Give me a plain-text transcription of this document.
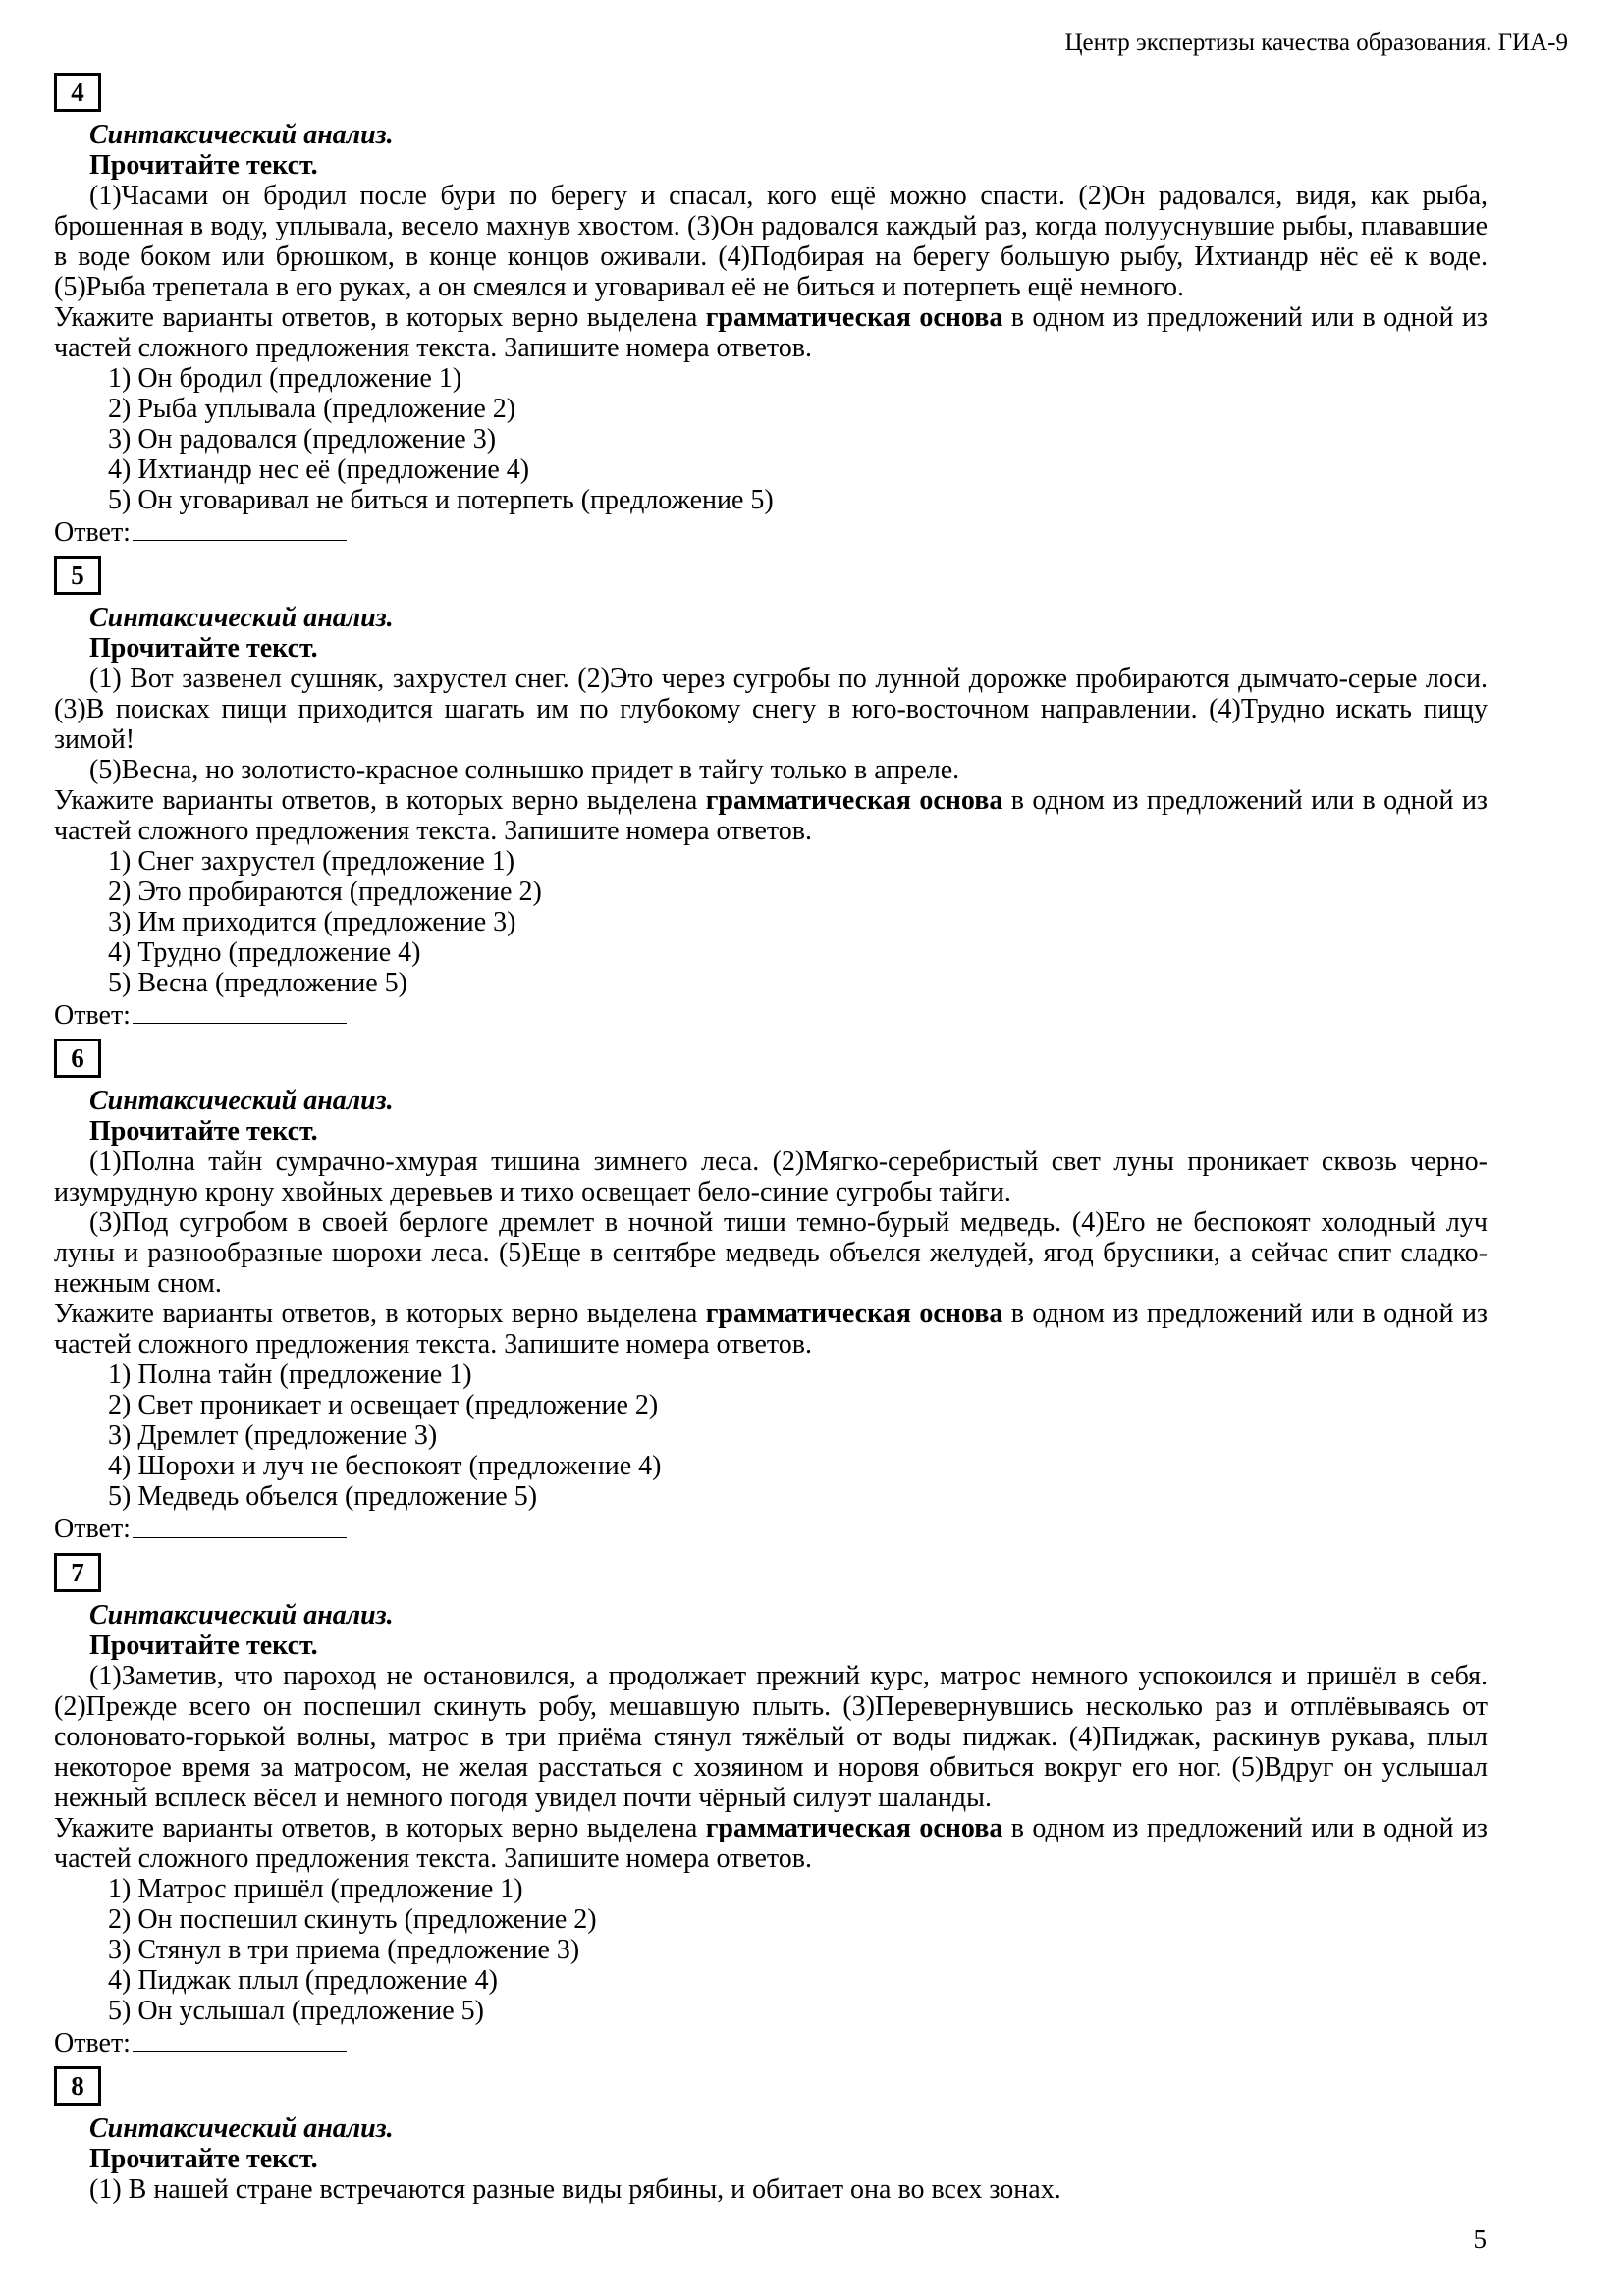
Центр экспертизы качества образования. ГИА-9
4

Синтаксический анализ.

Прочитайте текст.

(1)Часами он бродил после бури по берегу и спасал, кого ещё можно спасти. (2)Он радовался, видя, как рыба, брошенная в воду, уплывала, весело махнув хвостом. (3)Он радовался каждый раз, когда полууснувшие рыбы, плававшие в воде боком или брюшком, в конце концов оживали. (4)Подбирая на берегу большую рыбу, Ихтиандр нёс её к воде. (5)Рыба трепетала в его руках, а он смеялся и уговаривал её не биться и потерпеть ещё немного.

Укажите варианты ответов, в которых верно выделена грамматическая основа в одном из предложений или в одной из частей сложного предложения текста. Запишите номера ответов.

1) Он бродил (предложение 1)

2) Рыба уплывала (предложение 2)

3) Он радовался (предложение 3)

4) Ихтиандр нес её (предложение 4)

5) Он уговаривал не биться и потерпеть (предложение 5)

Ответ:

5

Синтаксический анализ.

Прочитайте текст.

(1) Вот зазвенел сушняк, захрустел снег. (2)Это через сугробы по лунной дорожке пробираются дымчато-серые лоси. (3)В поисках пищи приходится шагать им по глубокому снегу в юго-восточном направлении. (4)Трудно искать пищу зимой!

(5)Весна, но золотисто-красное солнышко придет в тайгу только в апреле.

Укажите варианты ответов, в которых верно выделена грамматическая основа в одном из предложений или в одной из частей сложного предложения текста. Запишите номера ответов.

1) Снег захрустел (предложение 1)

2) Это пробираются (предложение 2)

3) Им приходится (предложение 3)

4) Трудно (предложение 4)

5) Весна (предложение 5)

Ответ:

6

Синтаксический анализ.

Прочитайте текст.

(1)Полна тайн сумрачно-хмурая тишина зимнего леса. (2)Мягко-серебристый свет луны проникает сквозь черно-изумрудную крону хвойных деревьев и тихо освещает бело-синие сугробы тайги.

(3)Под сугробом в своей берлоге дремлет в ночной тиши темно-бурый медведь. (4)Его не беспокоят холодный луч луны и разнообразные шорохи леса. (5)Еще в сентябре медведь объелся желудей, ягод брусники, а сейчас спит сладко-нежным сном.

Укажите варианты ответов, в которых верно выделена грамматическая основа в одном из предложений или в одной из частей сложного предложения текста. Запишите номера ответов.

1) Полна тайн (предложение 1)

2) Свет проникает и освещает (предложение 2)

3) Дремлет (предложение 3)

4) Шорохи и луч не беспокоят (предложение 4)

5) Медведь объелся (предложение 5)

Ответ:

7

Синтаксический анализ.

Прочитайте текст.

(1)Заметив, что пароход не остановился, а продолжает прежний курс, матрос немного успокоился и пришёл в себя. (2)Прежде всего он поспешил скинуть робу, мешавшую плыть. (3)Перевернувшись несколько раз и отплёвываясь от солоновато-горькой волны, матрос в три приёма стянул тяжёлый от воды пиджак. (4)Пиджак, раскинув рукава, плыл некоторое время за матросом, не желая расстаться с хозяином и норовя обвиться вокруг его ног. (5)Вдруг он услышал нежный всплеск вёсел и немного погодя увидел почти чёрный силуэт шаланды.

Укажите варианты ответов, в которых верно выделена грамматическая основа в одном из предложений или в одной из частей сложного предложения текста. Запишите номера ответов.

1) Матрос пришёл (предложение 1)

2) Он поспешил скинуть (предложение 2)

3) Стянул в три приема (предложение 3)

4) Пиджак плыл (предложение 4)

5) Он услышал (предложение 5)

Ответ:

8

Синтаксический анализ.

Прочитайте текст.

(1) В нашей стране встречаются разные виды рябины, и обитает она во всех зонах.

5
